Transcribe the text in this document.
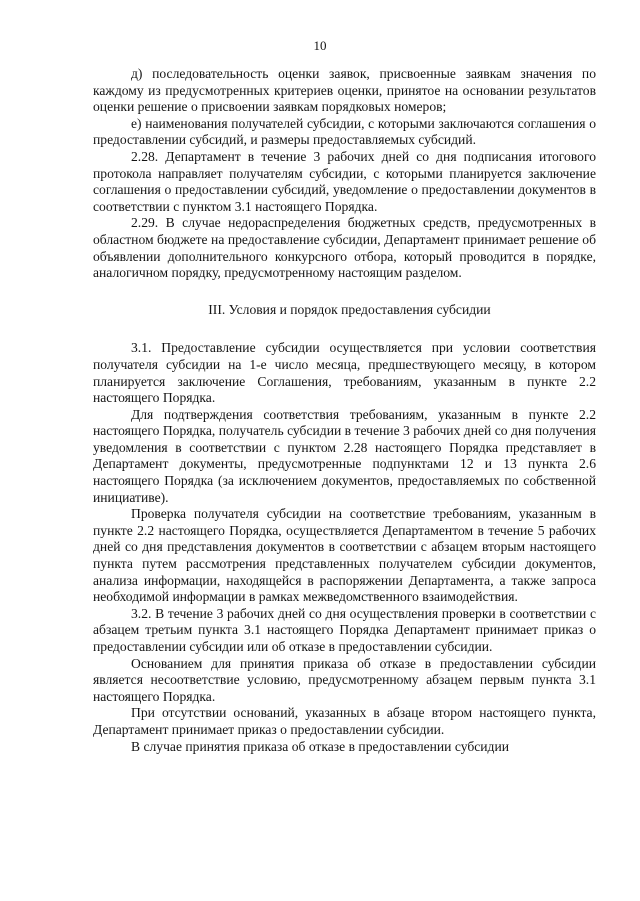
10

д) последовательность оценки заявок, присвоенные заявкам значения по каждому из предусмотренных критериев оценки, принятое на основании результатов оценки решение о присвоении заявкам порядковых номеров;

е) наименования получателей субсидии, с которыми заключаются соглашения о предоставлении субсидий, и размеры предоставляемых субсидий.

2.28. Департамент в течение 3 рабочих дней со дня подписания итогового протокола направляет получателям субсидии, с которыми планируется заключение соглашения о предоставлении субсидий, уведомление о предоставлении документов в соответствии с пунктом 3.1 настоящего Порядка.

2.29. В случае недораспределения бюджетных средств, предусмотренных в областном бюджете на предоставление субсидии, Департамент принимает решение об объявлении дополнительного конкурсного отбора, который проводится в порядке, аналогичном порядку, предусмотренному настоящим разделом.

III. Условия и порядок предоставления субсидии

3.1. Предоставление субсидии осуществляется при условии соответствия получателя субсидии на 1-е число месяца, предшествующего месяцу, в котором планируется заключение Соглашения, требованиям, указанным в пункте 2.2 настоящего Порядка.

Для подтверждения соответствия требованиям, указанным в пункте 2.2 настоящего Порядка, получатель субсидии в течение 3 рабочих дней со дня получения уведомления в соответствии с пунктом 2.28 настоящего Порядка представляет в Департамент документы, предусмотренные подпунктами 12 и 13 пункта 2.6 настоящего Порядка (за исключением документов, предоставляемых по собственной инициативе).

Проверка получателя субсидии на соответствие требованиям, указанным в пункте 2.2 настоящего Порядка, осуществляется Департаментом в течение 5 рабочих дней со дня представления документов в соответствии с абзацем вторым настоящего пункта путем рассмотрения представленных получателем субсидии документов, анализа информации, находящейся в распоряжении Департамента, а также запроса необходимой информации в рамках межведомственного взаимодействия.

3.2. В течение 3 рабочих дней со дня осуществления проверки в соответствии с абзацем третьим пункта 3.1 настоящего Порядка Департамент принимает приказ о предоставлении субсидии или об отказе в предоставлении субсидии.

Основанием для принятия приказа об отказе в предоставлении субсидии является несоответствие условию, предусмотренному абзацем первым пункта 3.1 настоящего Порядка.

При отсутствии оснований, указанных в абзаце втором настоящего пункта, Департамент принимает приказ о предоставлении субсидии.

В случае принятия приказа об отказе в предоставлении субсидии
